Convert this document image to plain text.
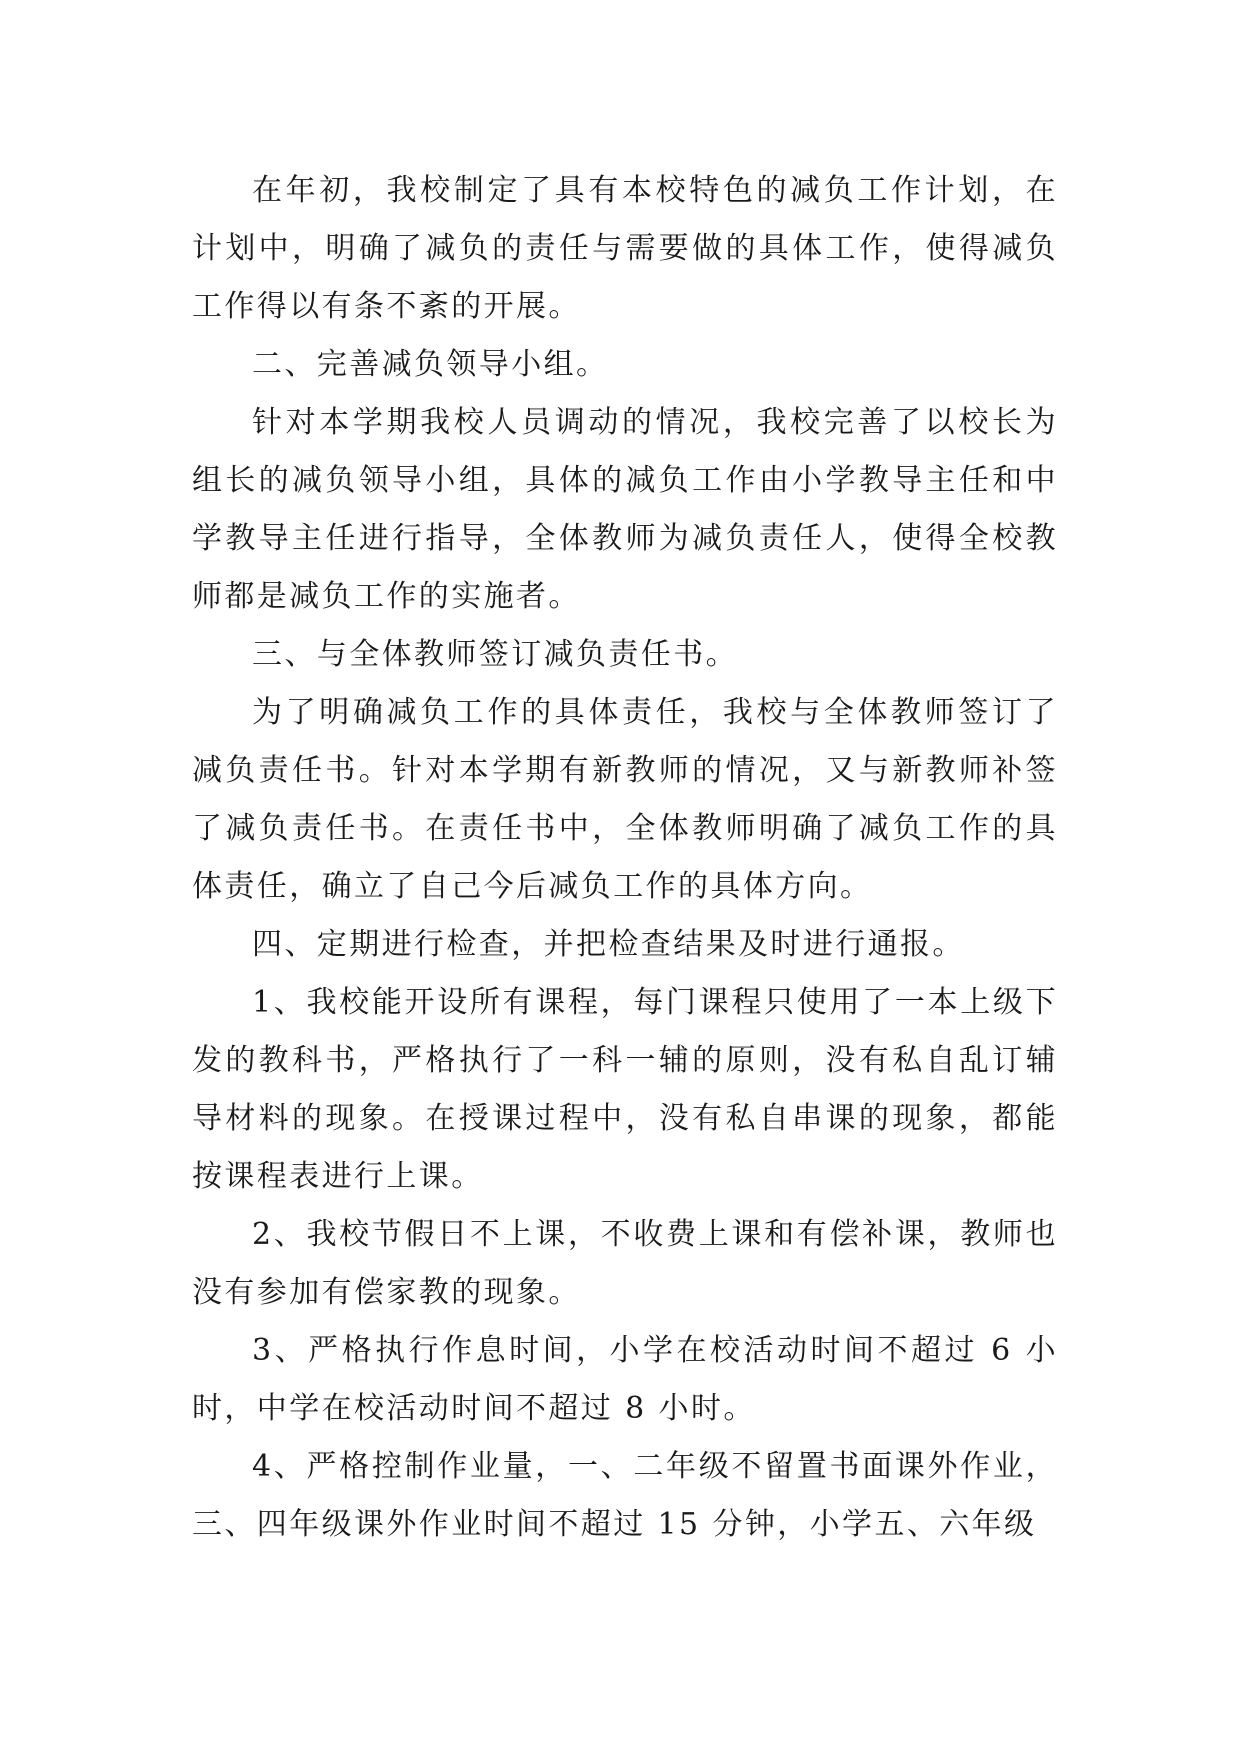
在年初，我校制定了具有本校特色的减负工作计划，在计划中，明确了减负的责任与需要做的具体工作，使得减负工作得以有条不紊的开展。

二、完善减负领导小组。

针对本学期我校人员调动的情况，我校完善了以校长为组长的减负领导小组，具体的减负工作由小学教导主任和中学教导主任进行指导，全体教师为减负责任人，使得全校教师都是减负工作的实施者。

三、与全体教师签订减负责任书。

为了明确减负工作的具体责任，我校与全体教师签订了减负责任书。针对本学期有新教师的情况，又与新教师补签了减负责任书。在责任书中，全体教师明确了减负工作的具体责任，确立了自己今后减负工作的具体方向。

四、定期进行检查，并把检查结果及时进行通报。

1、我校能开设所有课程，每门课程只使用了一本上级下发的教科书，严格执行了一科一辅的原则，没有私自乱订辅导材料的现象。在授课过程中，没有私自串课的现象，都能按课程表进行上课。

2、我校节假日不上课，不收费上课和有偿补课，教师也没有参加有偿家教的现象。

3、严格执行作息时间，小学在校活动时间不超过 6 小时，中学在校活动时间不超过 8 小时。

4、严格控制作业量，一、二年级不留置书面课外作业，三、四年级课外作业时间不超过 15 分钟，小学五、六年级
